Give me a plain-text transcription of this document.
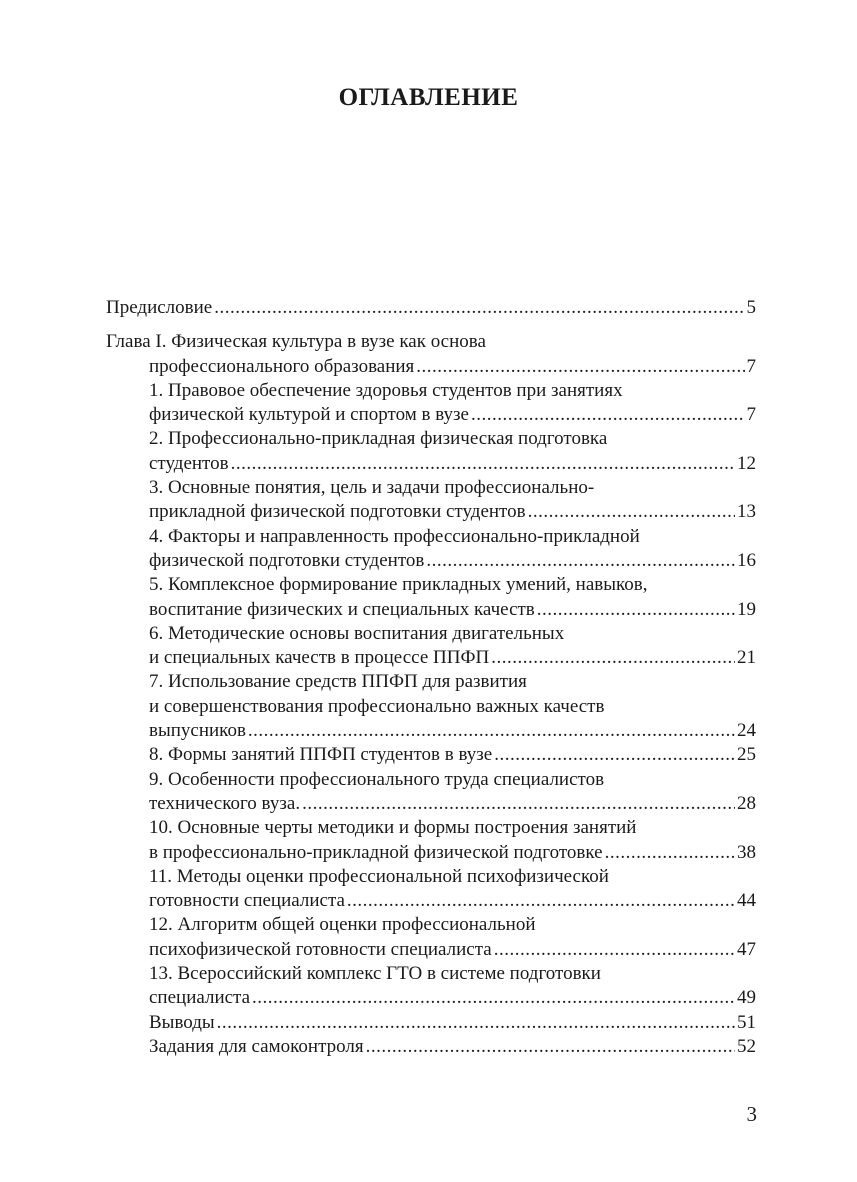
ОГЛАВЛЕНИЕ
Предисловие .....	5
Глава I. Физическая культура в вузе как основа
профессионального образования .....	7
1. Правовое обеспечение здоровья студентов при занятиях
физической культурой и спортом в вузе .....	7
2. Профессионально-прикладная физическая подготовка
студентов .....	12
3. Основные понятия, цель и задачи профессионально-
прикладной физической подготовки студентов .....	13
4. Факторы и направленность профессионально-прикладной
физической подготовки студентов .....	16
5. Комплексное формирование прикладных умений, навыков,
воспитание физических и специальных качеств .....	19
6. Методические основы воспитания двигательных
и специальных качеств в процессе ППФП .....	21
7. Использование средств ППФП для развития
и совершенствования профессионально важных качеств
выпусников .....	24
8. Формы занятий ППФП студентов в вузе .....	25
9. Особенности профессионального труда специалистов
технического вуза. .....	28
10. Основные черты методики и формы построения занятий
в профессионально-прикладной физической подготовке .....	38
11. Методы оценки профессиональной психофизической
готовности специалиста .....	44
12. Алгоритм общей оценки профессиональной
психофизической готовности специалиста .....	47
13. Всероссийский комплекс ГТО в системе подготовки
специалиста .....	49
Выводы .....	51
Задания для самоконтроля .....	52
3
